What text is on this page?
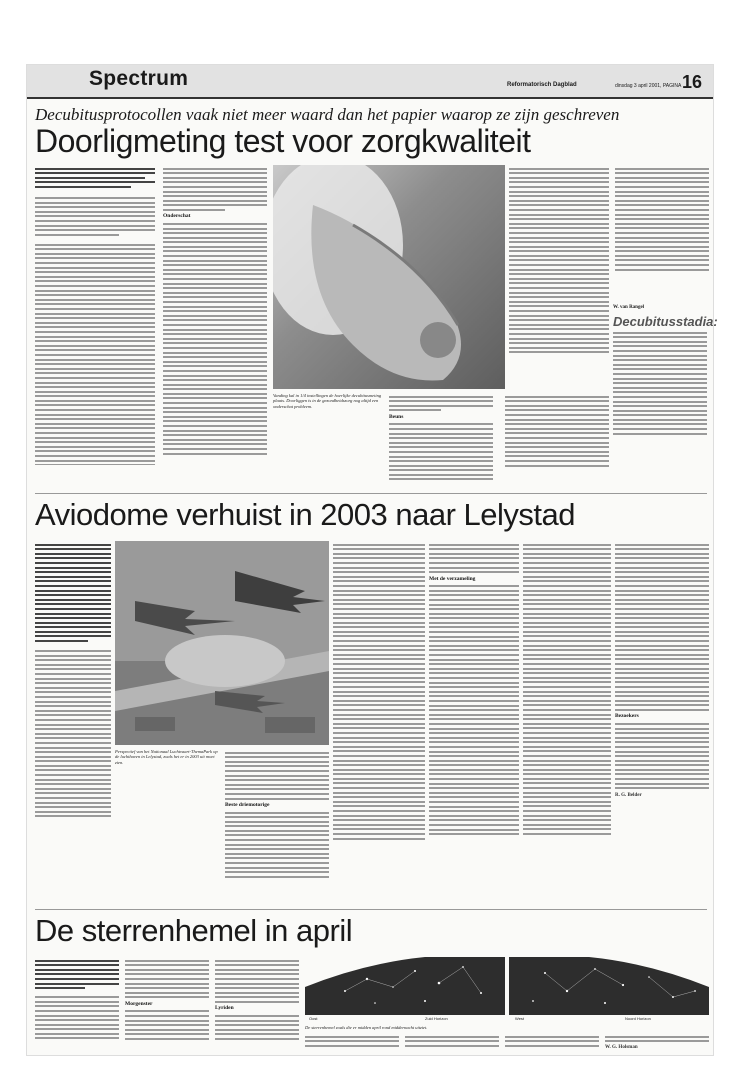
Spectrum	Reformatorisch Dagblad	dinsdag 3 april 2001, PAGINA 16
Decubitusprotocollen vaak niet meer waard dan het papier waarop ze zijn geschreven
Doorligmeting test voor zorgkwaliteit
Onderschat
Vanding kal in 1/4 instellingen de hoerlijke decubitusmeting plaats. Doorliggen is in de gezondheidszorg nog altijd een onderschat probleem.
Beuns
W. van Rangel
Decubitusstadia:
Aviodome verhuist in 2003 naar Lelystad
Perspectief van het Nationaal Luchtvaart-ThemaPark op de luchthaven in Lelystad, zoals het er in 2003 uit moet zien.
Beste driemotorige
Met de verzameling
Bezoekers
R. G. Belder
De sterrenhemel in april
Morgenster
Lyriden
Oost	Zuid Horizon	West	Noord Horizon
De sterrenhemel zoals die er midden april rond middernacht uitziet.
W. G. Holsman
